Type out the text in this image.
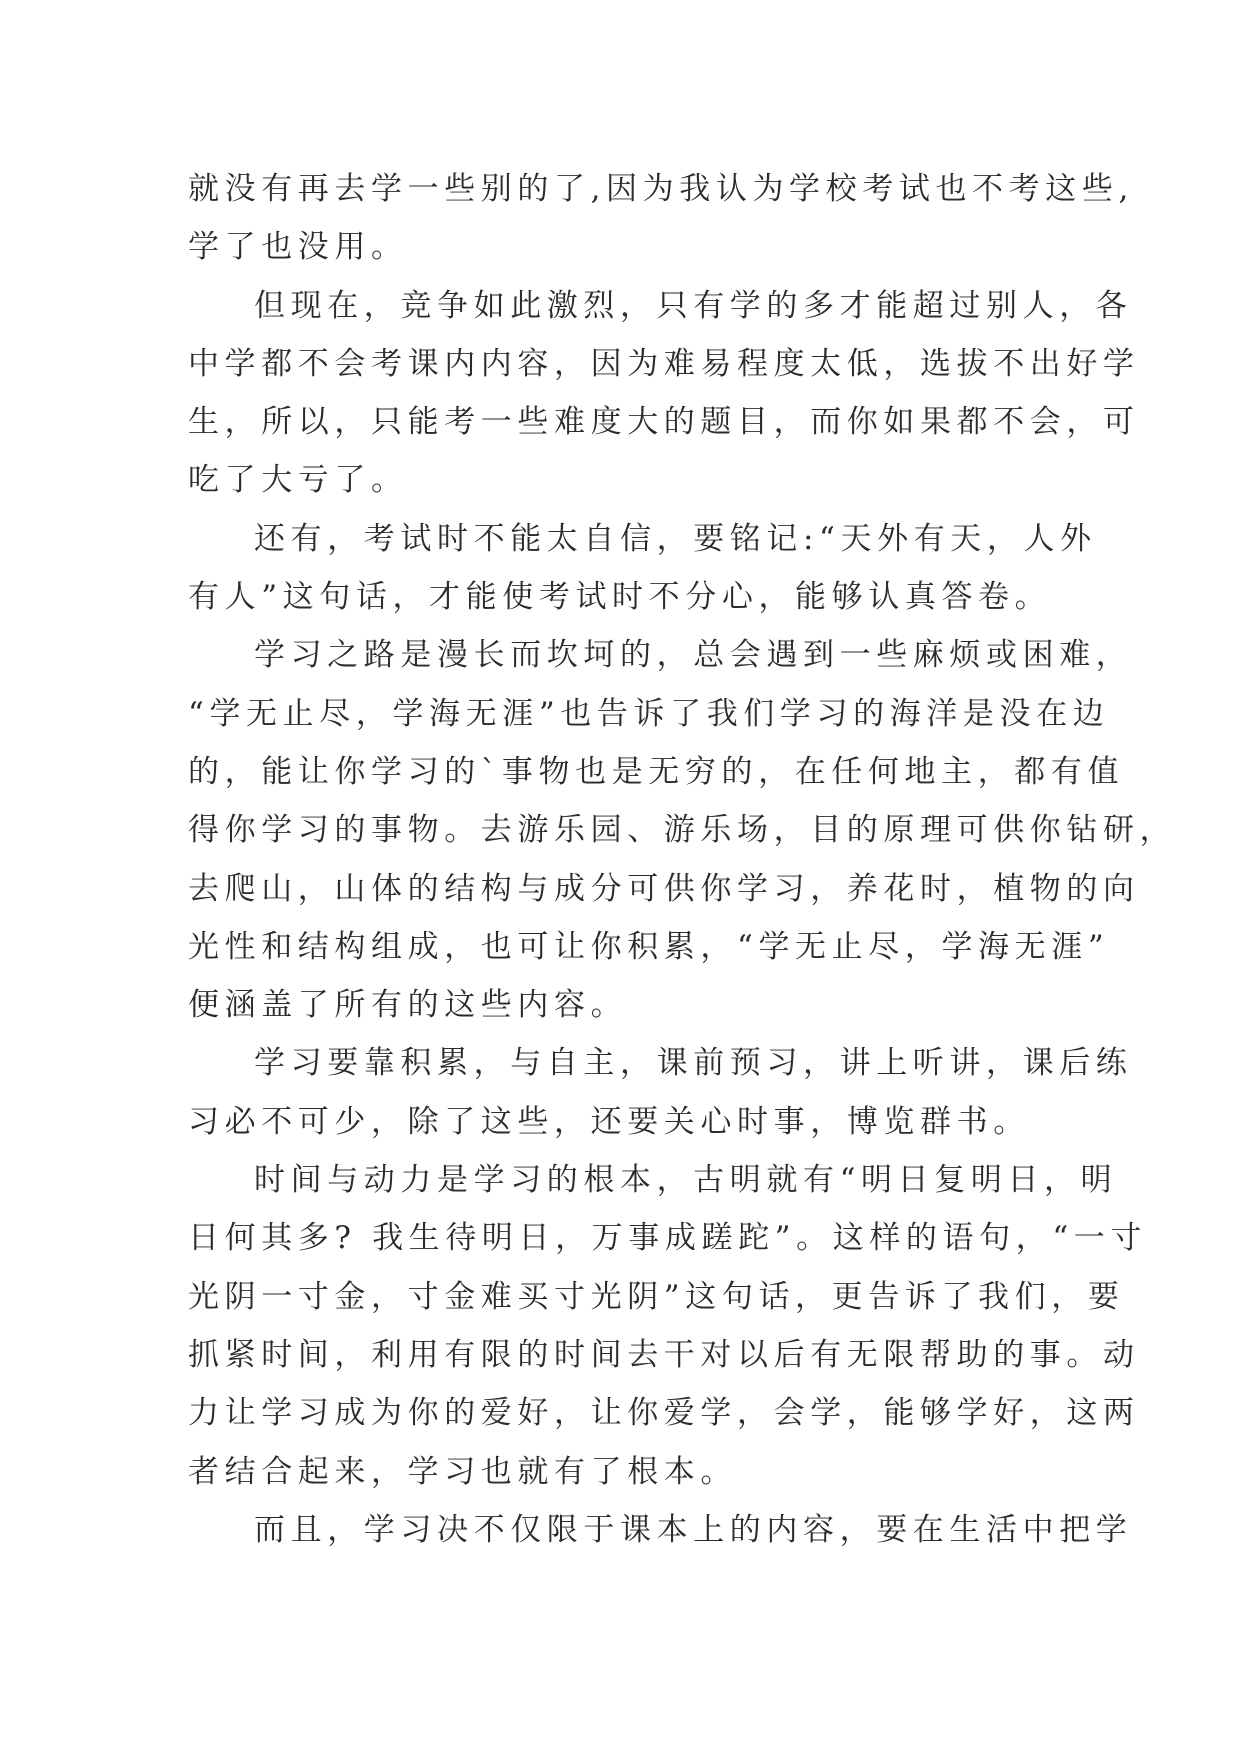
就没有再去学一些别的了,因为我认为学校考试也不考这些,
学了也没用。
但现在，竞争如此激烈，只有学的多才能超过别人，各
中学都不会考课内内容，因为难易程度太低，选拔不出好学
生，所以，只能考一些难度大的题目，而你如果都不会，可
吃了大亏了。
还有，考试时不能太自信，要铭记:“天外有天，人外
有人”这句话，才能使考试时不分心，能够认真答卷。
学习之路是漫长而坎坷的，总会遇到一些麻烦或困难，
“学无止尽，学海无涯”也告诉了我们学习的海洋是没在边
的，能让你学习的`事物也是无穷的，在任何地主，都有值
得你学习的事物。去游乐园、游乐场，目的原理可供你钻研，
去爬山，山体的结构与成分可供你学习，养花时，植物的向
光性和结构组成，也可让你积累，“学无止尽，学海无涯”
便涵盖了所有的这些内容。
学习要靠积累，与自主，课前预习，讲上听讲，课后练
习必不可少，除了这些，还要关心时事，博览群书。
时间与动力是学习的根本，古明就有“明日复明日，明
日何其多? 我生待明日，万事成蹉跎”。这样的语句，“一寸
光阴一寸金，寸金难买寸光阴”这句话，更告诉了我们，要
抓紧时间，利用有限的时间去干对以后有无限帮助的事。动
力让学习成为你的爱好，让你爱学，会学，能够学好，这两
者结合起来，学习也就有了根本。
而且，学习决不仅限于课本上的内容，要在生活中把学
